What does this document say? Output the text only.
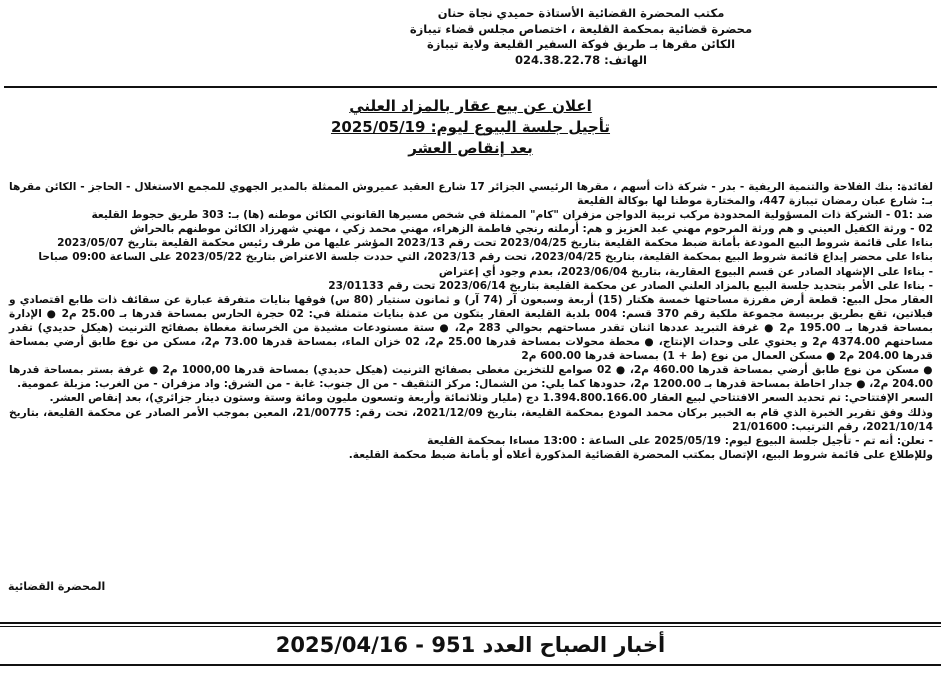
مكتب المحضرة القضائية الأستاذة حميدي نجاة حنان
محضرة قضائية بمحكمة القليعة ، اختصاص مجلس قضاء تيبازة
الكائن مقرها بـ طريق فوكة السفير القليعة ولاية تيبازة
الهاتف: 024.38.22.78
اعلان عن بيع عقار بالمزاد العلني
تأجيل جلسة البيوع ليوم: 2025/05/19
بعد إنقاص العشر

لفائدة: بنك الفلاحة والتنمية الريفية - بدر - شركة ذات أسهم ، مقرها الرئيسي الجزائر 17 شارع العقيد عميروش الممثلة بالمدير الجهوي للمجمع الاستغلال - الحاجز - الكائن مقرها بـ: شارع عبان رمضان تيبازة 447، والمختارة موطنا لها بوكالة القليعة

ضد :01 - الشركة ذات المسؤولية المحدودة مركب تربية الدواجن مزفران "كام" الممثلة في شخص مسيرها القانوني الكائن موطنه (ها) بـ: 303 طريق حجوط القليعة

02 - ورثة الكفيل العيني و هم ورثة المرحوم مهني عبد العزيز و هم: أرملته رنجي فاطمة الزهراء، مهني محمد زكي ، مهني شهرزاد الكائن موطنهم بالحراش

بناءا على قائمة شروط البيع المودعة بأمانة ضبط محكمة القليعة بتاريخ 2023/04/25 تحت رقم 2023/13 المؤشر عليها من طرف رئيس محكمة القليعة بتاريخ 2023/05/07

بناءا على محضر إيداع قائمة شروط البيع بمحكمة القليعة، بتاريخ 2023/04/25، تحت رقم 2023/13، التي حددت جلسة الاعتراض بتاريخ 2023/05/22 على الساعة 09:00 صباحا

- بناءا على الإشهاد الصادر عن قسم البيوع العقارية، بتاريخ 2023/06/04، بعدم وجود أي إعتراض

- بناءا على الأمر بتحديد جلسة البيع بالمزاد العلني الصادر عن محكمة القليعة بتاريخ 2023/06/14 تحت رقم 23/01133

العقار محل البيع: قطعة أرض مفرزة مساحتها خمسة هكتار (15) أربعة وسبعون آر (74 آر) و ثمانون سنتيار (80 س) فوقها بنايات متفرقة عبارة عن سقائف ذات طابع اقتصادي و فيلاتين، تقع بطريق بربيسة مجموعة ملكية رقم 370 قسم: 004 بلدية القليعة العقار يتكون من عدة بنايات متمثلة في: 02 حجرة الحارس بمساحة قدرها بـ 25.00 م2 ● الإدارة بمساحة قدرها بـ 195.00 م2 ● غرفة التبريد عددها اثنان تقدر مساحتهم بحوالي 283 م2، ● ستة مستودعات مشيدة من الخرسانة مغطاة بصفائح الترنيت (هيكل حديدي) تقدر مساحتهم 4374.00 م2 و يحتوي على وحدات الإنتاج، ● محطة محولات بمساحة قدرها 25.00 م2، 02 خزان الماء، بمساحة قدرها 73.00 م2، مسكن من نوع طابق أرضي بمساحة قدرها 204.00 م2 ● مسكن العمال من نوع (ط + 1) بمساحة قدرها 600.00 م2

● مسكن من نوع طابق أرضي بمساحة قدرها 460.00 م2، ● 02 صوامع للتخزين مغطى بصفائح الترنيت (هيكل حديدي) بمساحة قدرها 1000,00 م2 ● غرفة بستر بمساحة قدرها 204.00 م2، ● جدار احاطة بمساحة قدرها بـ 1200.00 م2، حدودها كما يلي: من الشمال: مركز التثقيف - من ال جنوب: غابة - من الشرق: واد مزفران - من الغرب: مزبلة عمومية.

السعر الإفتتاحي: تم تحديد السعر الافتتاحي لبيع العقار 1.394.800.166.00 دج (مليار وثلاثمائة وأربعة وتسعون مليون ومائة وستة وستون دينار جزائري)، بعد إنقاص العشر.

وذلك وفق تقرير الخبرة الذي قام به الخبير بركان محمد المودع بمحكمة القليعة، بتاريخ 2021/12/09، تحت رقم: 21/00775، المعين بموجب الأمر الصادر عن محكمة القليعة، بتاريخ 2021/10/14، رقم الترتيب: 21/01600

- نعلن: أنه تم - تأجيل جلسة البيوع ليوم: 2025/05/19 على الساعة : 13:00 مساءا بمحكمة القليعة

وللإطلاع على قائمة شروط البيع، الإتصال بمكتب المحضرة القضائية المذكورة أعلاه أو بأمانة ضبط محكمة القليعة.

المحضرة القضائية
أخبار الصباح العدد 951 - 2025/04/16
